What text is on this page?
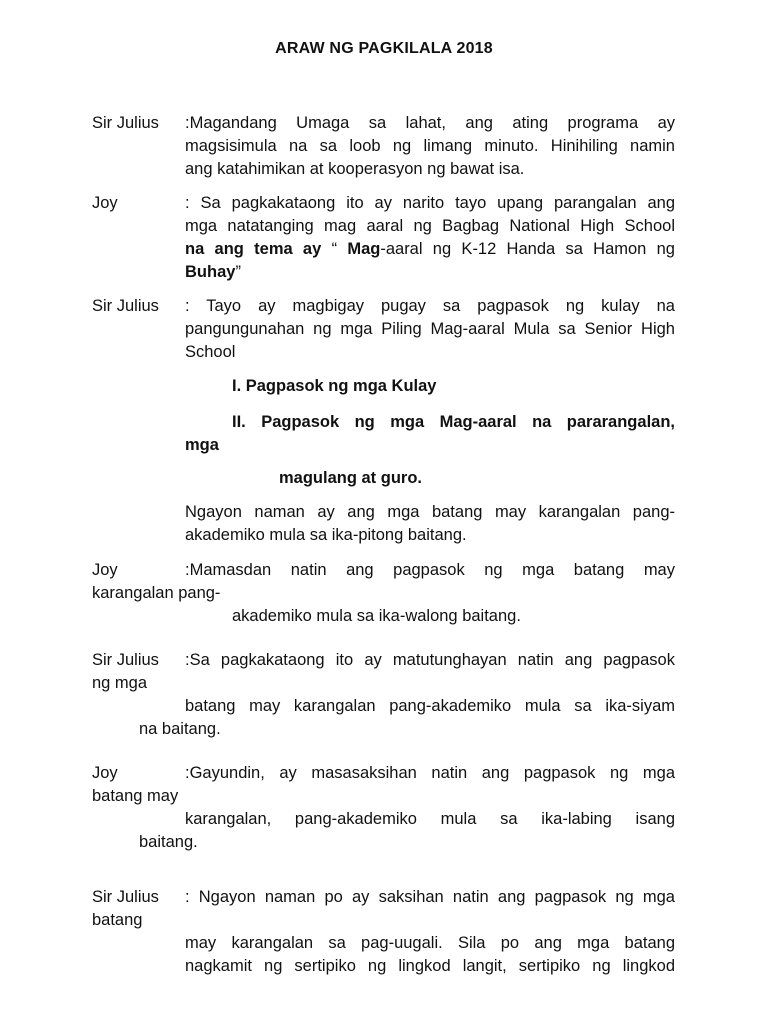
ARAW NG PAGKILALA 2018
Sir Julius :Magandang Umaga sa lahat, ang ating programa ay
magsisimula na sa loob ng limang minuto. Hinihiling namin
ang katahimikan at kooperasyon ng bawat isa.
Joy	: Sa pagkakataong ito ay narito tayo upang parangalan ang
mga natatanging mag aaral ng Bagbag National High School
na ang tema ay “ Mag-aaral ng K-12 Handa sa Hamon ng
Buhay”
Sir Julius : Tayo ay magbigay pugay sa pagpasok ng kulay na
pangungunahan ng mga Piling Mag-aaral Mula sa Senior High
School
I. Pagpasok ng mga Kulay
II. Pagpasok ng mga Mag-aaral na pararangalan,
mga
magulang at guro.
Ngayon naman ay ang mga batang may karangalan pang-
akademiko mula sa ika-pitong baitang.
Joy	:Mamasdan natin ang pagpasok ng mga batang may
karangalan pang-
akademiko mula sa ika-walong baitang.
Sir Julius :Sa pagkakataong ito ay matutunghayan natin ang pagpasok
ng mga
batang may karangalan pang-akademiko mula sa ika-siyam
na baitang.
Joy	:Gayundin, ay masasaksihan natin ang pagpasok ng mga
batang may
karangalan, pang-akademiko mula sa ika-labing isang
baitang.
Sir Julius : Ngayon naman po ay saksihan natin ang pagpasok ng mga
batang
may karangalan sa pag-uugali. Sila po ang mga batang
nagkamit ng sertipiko ng lingkod langit, sertipiko ng lingkod
